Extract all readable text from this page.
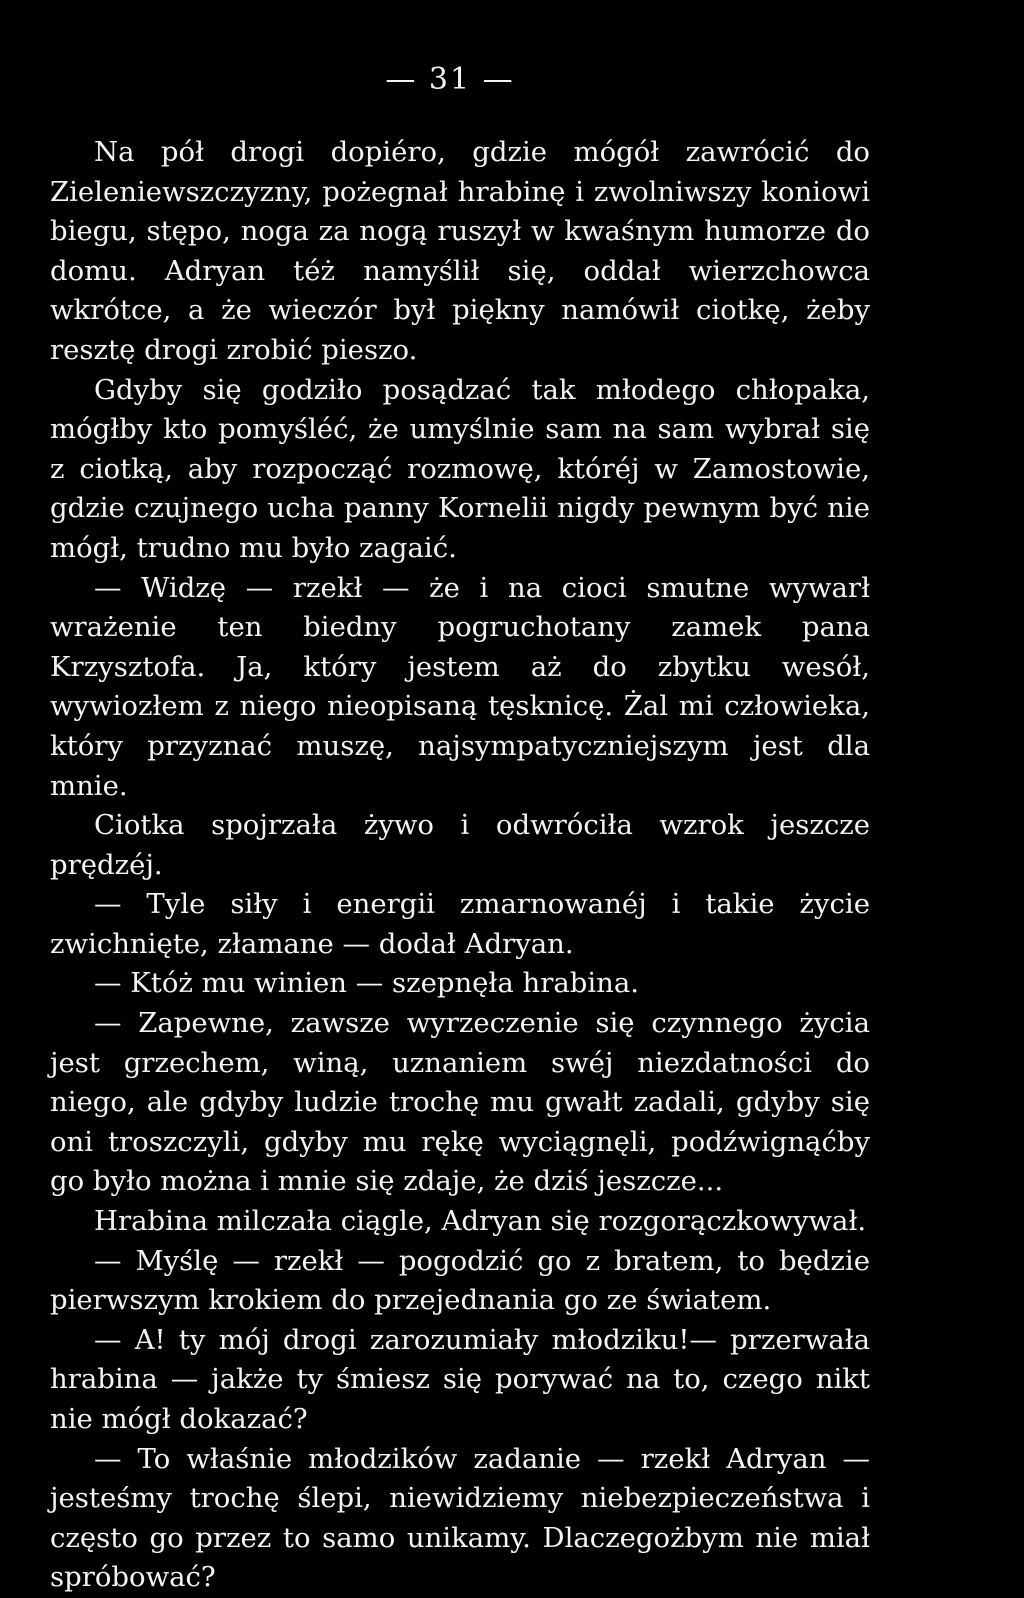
— 31 —

Na pół drogi dopiéro, gdzie mógół zawrócić do Zieleniewszczyzny, pożegnał hrabinę i zwolniwszy koniowi biegu, stępo, noga za nogą ruszył w kwaśnym humorze do domu. Adryan téż namyślił się, oddał wierzchowca wkrótce, a że wieczór był piękny namówił ciotkę, żeby resztę drogi zrobić pieszo.

Gdyby się godziło posądzać tak młodego chłopaka, mógłby kto pomyśléć, że umyślnie sam na sam wybrał się z ciotką, aby rozpocząć rozmowę, któréj w Zamostowie, gdzie czujnego ucha panny Kornelii nigdy pewnym być nie mógł, trudno mu było zagaić.

— Widzę — rzekł — że i na cioci smutne wywarł wrażenie ten biedny pogruchotany zamek pana Krzysztofa. Ja, który jestem aż do zbytku wesół, wywiozłem z niego nieopisaną tęsknicę. Żal mi człowieka, który przyznać muszę, najsympatyczniejszym jest dla mnie.

Ciotka spojrzała żywo i odwróciła wzrok jeszcze prędzéj.

— Tyle siły i energii zmarnowanéj i takie życie zwichnięte, złamane — dodał Adryan.

— Któż mu winien — szepnęła hrabina.

— Zapewne, zawsze wyrzeczenie się czynnego życia jest grzechem, winą, uznaniem swéj niezdatności do niego, ale gdyby ludzie trochę mu gwałt zadali, gdyby się oni troszczyli, gdyby mu rękę wyciągnęli, podźwignąćby go było można i mnie się zdaje, że dziś jeszcze...

Hrabina milczała ciągle, Adryan się rozgorączkowywał.

— Myślę — rzekł — pogodzić go z bratem, to będzie pierwszym krokiem do przejednania go ze światem.

— A! ty mój drogi zarozumiały młodziku!— przerwała hrabina — jakże ty śmiesz się porywać na to, czego nikt nie mógł dokazać?

— To właśnie młodzików zadanie — rzekł Adryan — jesteśmy trochę ślepi, niewidziemy niebezpieczeństwa i często go przez to samo unikamy. Dlaczegożbym nie miał spróbować?
